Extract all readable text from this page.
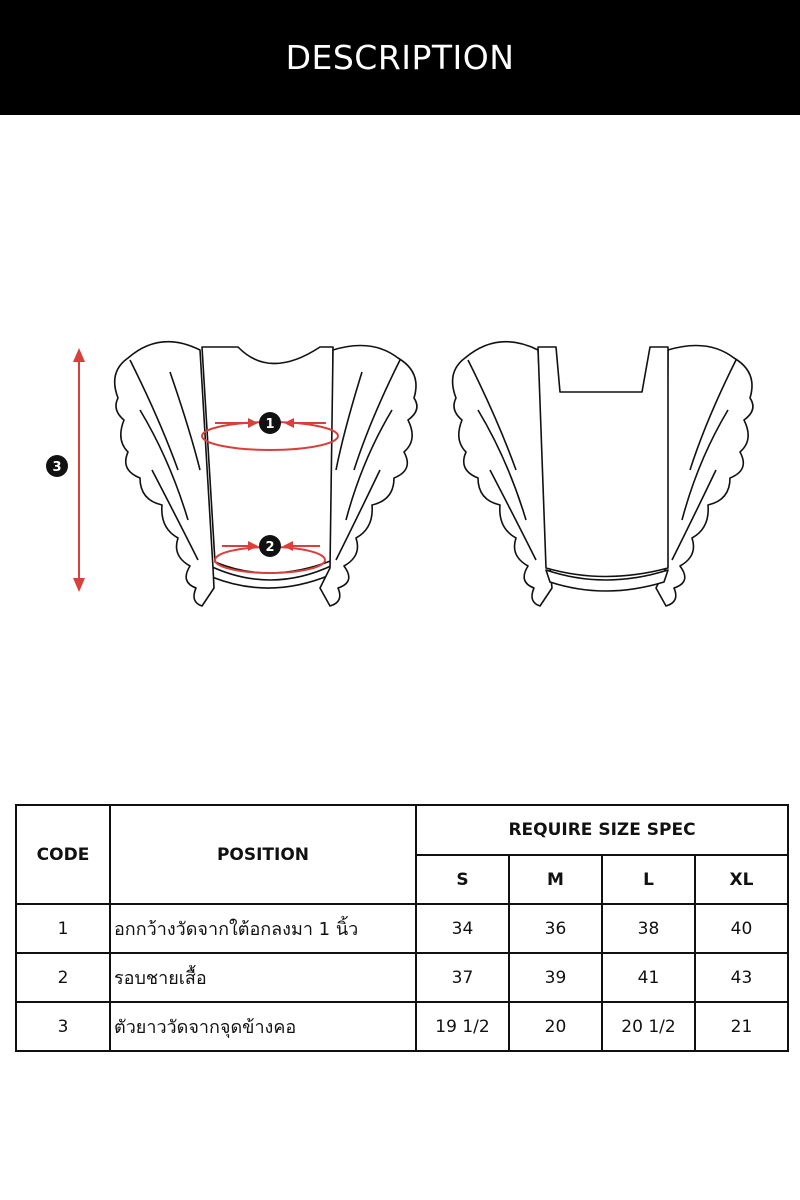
DESCRIPTION
1
2
3
CODE	POSITION	REQUIRE SIZE SPEC			
		S	M	L	XL
1	อกกว้างวัดจากใต้อกลงมา 1 นิ้ว	34	36	38	40
2	รอบชายเสื้อ	37	39	41	43
3	ตัวยาววัดจากจุดข้างคอ	19 1/2	20	20 1/2	21
